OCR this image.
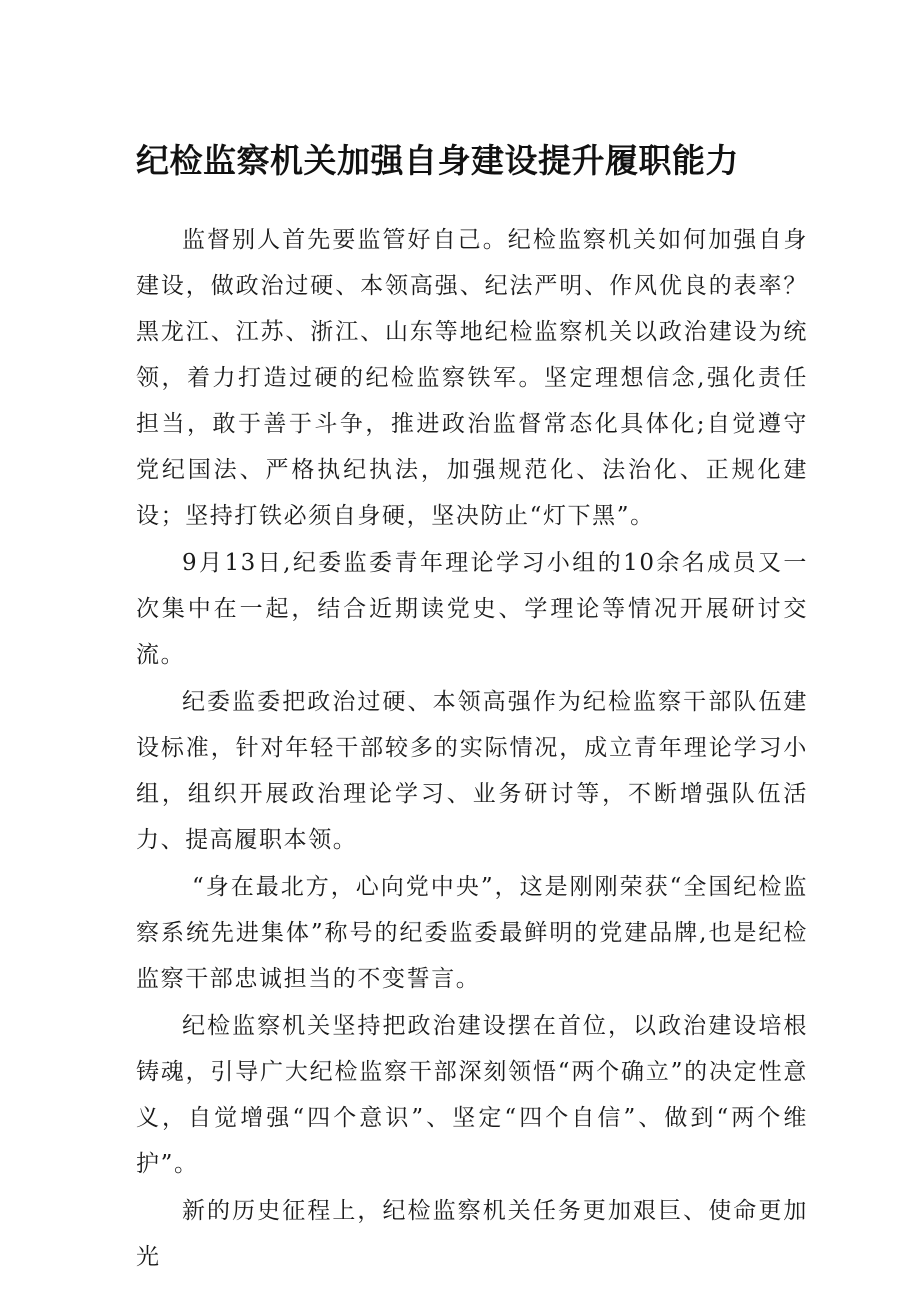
纪检监察机关加强自身建设提升履职能力

监督别人首先要监管好自己。纪检监察机关如何加强自身建设，做政治过硬、本领高强、纪法严明、作风优良的表率？黑龙江、江苏、浙江、山东等地纪检监察机关以政治建设为统领，着力打造过硬的纪检监察铁军。坚定理想信念,强化责任担当，敢于善于斗争，推进政治监督常态化具体化;自觉遵守党纪国法、严格执纪执法，加强规范化、法治化、正规化建设；坚持打铁必须自身硬，坚决防止“灯下黑”。

9月13日,纪委监委青年理论学习小组的10余名成员又一次集中在一起，结合近期读党史、学理论等情况开展研讨交流。

纪委监委把政治过硬、本领高强作为纪检监察干部队伍建设标准，针对年轻干部较多的实际情况，成立青年理论学习小组，组织开展政治理论学习、业务研讨等，不断增强队伍活力、提高履职本领。

“身在最北方，心向党中央”，这是刚刚荣获“全国纪检监察系统先进集体”称号的纪委监委最鲜明的党建品牌,也是纪检监察干部忠诚担当的不变誓言。

纪检监察机关坚持把政治建设摆在首位，以政治建设培根铸魂，引导广大纪检监察干部深刻领悟“两个确立”的决定性意义，自觉增强“四个意识”、坚定“四个自信”、做到“两个维护”。

新的历史征程上，纪检监察机关任务更加艰巨、使命更加光
